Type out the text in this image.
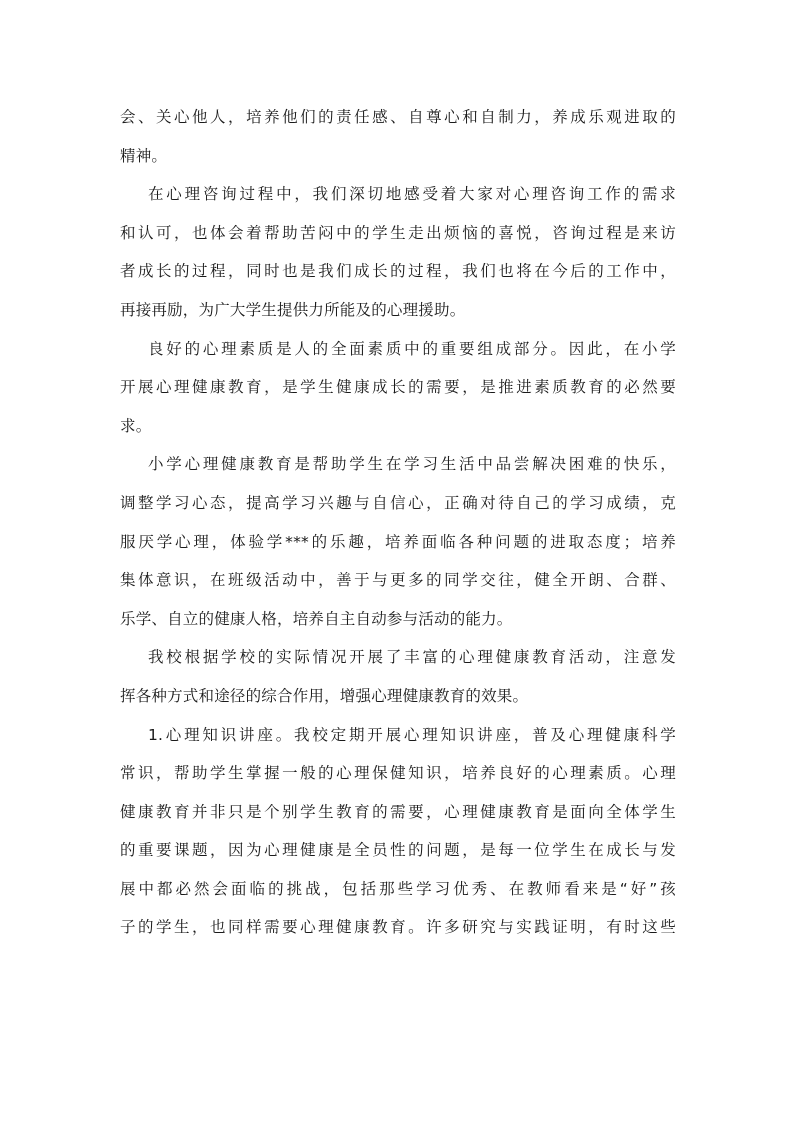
会、关心他人，培养他们的责任感、自尊心和自制力，养成乐观进取的
精神。
在心理咨询过程中，我们深切地感受着大家对心理咨询工作的需求
和认可，也体会着帮助苦闷中的学生走出烦恼的喜悦，咨询过程是来访
者成长的过程，同时也是我们成长的过程，我们也将在今后的工作中，
再接再励，为广大学生提供力所能及的心理援助。
良好的心理素质是人的全面素质中的重要组成部分。因此，在小学
开展心理健康教育，是学生健康成长的需要，是推进素质教育的必然要
求。
小学心理健康教育是帮助学生在学习生活中品尝解决困难的快乐，
调整学习心态，提高学习兴趣与自信心，正确对待自己的学习成绩，克
服厌学心理，体验学***的乐趣，培养面临各种问题的进取态度；培养
集体意识，在班级活动中，善于与更多的同学交往，健全开朗、合群、
乐学、自立的健康人格，培养自主自动参与活动的能力。
我校根据学校的实际情况开展了丰富的心理健康教育活动，注意发
挥各种方式和途径的综合作用，增强心理健康教育的效果。
1.心理知识讲座。我校定期开展心理知识讲座，普及心理健康科学
常识，帮助学生掌握一般的心理保健知识，培养良好的心理素质。心理
健康教育并非只是个别学生教育的需要，心理健康教育是面向全体学生
的重要课题，因为心理健康是全员性的问题，是每一位学生在成长与发
展中都必然会面临的挑战，包括那些学习优秀、在教师看来是“好”孩
子的学生，也同样需要心理健康教育。许多研究与实践证明，有时这些
